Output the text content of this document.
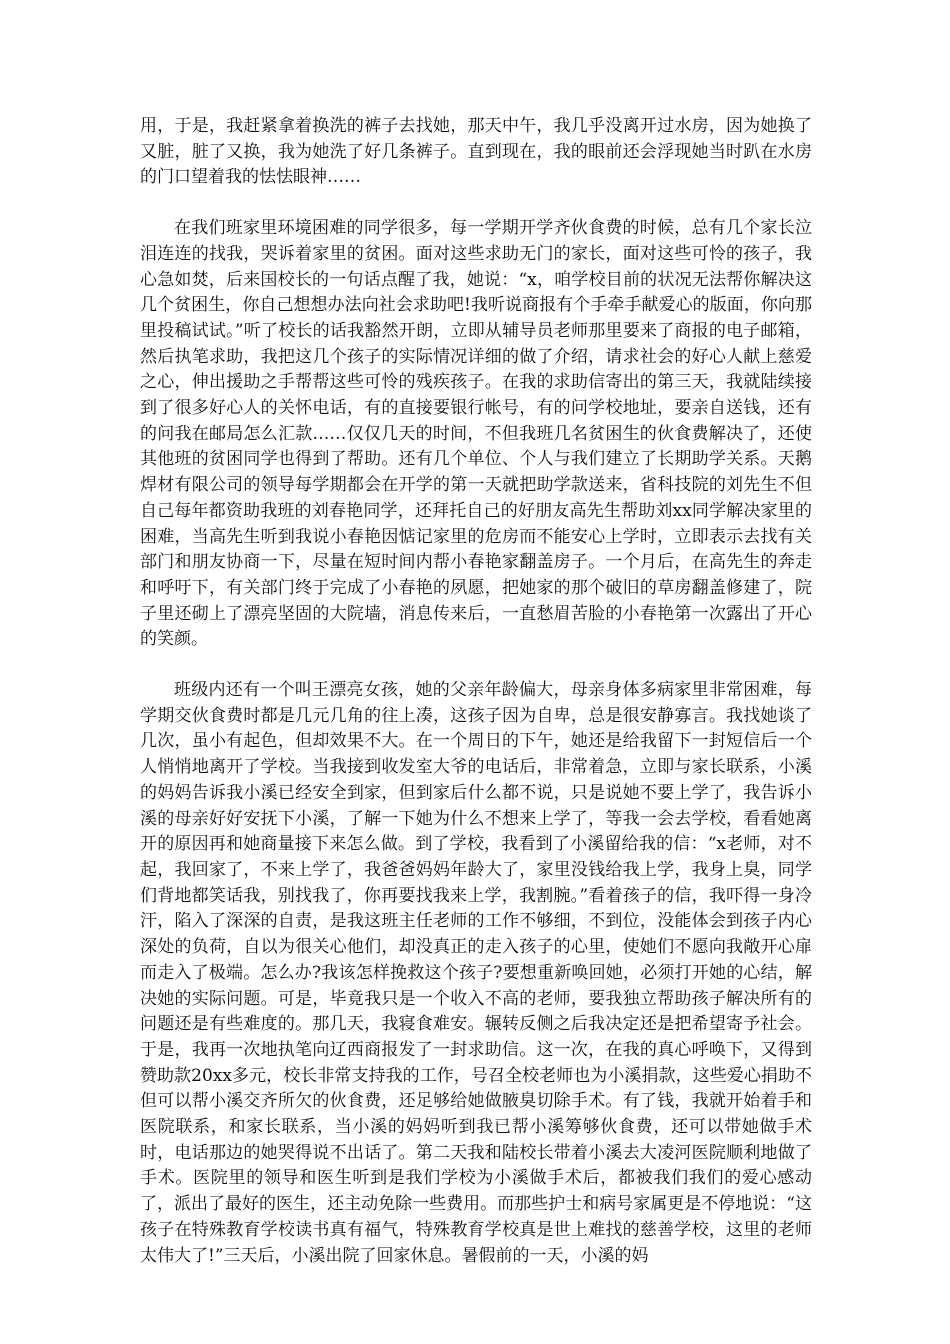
用，于是，我赶紧拿着换洗的裤子去找她，那天中午，我几乎没离开过水房，因为她换了又脏，脏了又换，我为她洗了好几条裤子。直到现在，我的眼前还会浮现她当时趴在水房的门口望着我的怯怯眼神……

在我们班家里环境困难的同学很多，每一学期开学齐伙食费的时候，总有几个家长泣泪连连的找我，哭诉着家里的贫困。面对这些求助无门的家长，面对这些可怜的孩子，我心急如焚，后来国校长的一句话点醒了我，她说：“x，咱学校目前的状况无法帮你解决这几个贫困生，你自己想想办法向社会求助吧!我听说商报有个手牵手献爱心的版面，你向那里投稿试试。”听了校长的话我豁然开朗，立即从辅导员老师那里要来了商报的电子邮箱，然后执笔求助，我把这几个孩子的实际情况详细的做了介绍，请求社会的好心人献上慈爱之心，伸出援助之手帮帮这些可怜的残疾孩子。在我的求助信寄出的第三天，我就陆续接到了很多好心人的关怀电话，有的直接要银行帐号，有的问学校地址，要亲自送钱，还有的问我在邮局怎么汇款……仅仅几天的时间，不但我班几名贫困生的伙食费解决了，还使其他班的贫困同学也得到了帮助。还有几个单位、个人与我们建立了长期助学关系。天鹅焊材有限公司的领导每学期都会在开学的第一天就把助学款送来，省科技院的刘先生不但自己每年都资助我班的刘春艳同学，还拜托自己的好朋友高先生帮助刘xx同学解决家里的困难，当高先生听到我说小春艳因惦记家里的危房而不能安心上学时，立即表示去找有关部门和朋友协商一下，尽量在短时间内帮小春艳家翻盖房子。一个月后，在高先生的奔走和呼吁下，有关部门终于完成了小春艳的夙愿，把她家的那个破旧的草房翻盖修建了，院子里还砌上了漂亮坚固的大院墙，消息传来后，一直愁眉苦脸的小春艳第一次露出了开心的笑颜。

班级内还有一个叫王漂亮女孩，她的父亲年龄偏大，母亲身体多病家里非常困难，每学期交伙食费时都是几元几角的往上凑，这孩子因为自卑，总是很安静寡言。我找她谈了几次，虽小有起色，但却效果不大。在一个周日的下午，她还是给我留下一封短信后一个人悄悄地离开了学校。当我接到收发室大爷的电话后，非常着急，立即与家长联系，小溪的妈妈告诉我小溪已经安全到家，但到家后什么都不说，只是说她不要上学了，我告诉小溪的母亲好好安抚下小溪，了解一下她为什么不想来上学了，等我一会去学校，看看她离开的原因再和她商量接下来怎么做。到了学校，我看到了小溪留给我的信：“x老师，对不起，我回家了，不来上学了，我爸爸妈妈年龄大了，家里没钱给我上学，我身上臭，同学们背地都笑话我，别找我了，你再要找我来上学，我割腕。”看着孩子的信，我吓得一身冷汗，陷入了深深的自责，是我这班主任老师的工作不够细，不到位，没能体会到孩子内心深处的负荷，自以为很关心他们，却没真正的走入孩子的心里，使她们不愿向我敞开心扉而走入了极端。怎么办?我该怎样挽救这个孩子?要想重新唤回她，必须打开她的心结，解决她的实际问题。可是，毕竟我只是一个收入不高的老师，要我独立帮助孩子解决所有的问题还是有些难度的。那几天，我寝食难安。辗转反侧之后我决定还是把希望寄予社会。于是，我再一次地执笔向辽西商报发了一封求助信。这一次，在我的真心呼唤下，又得到赞助款20xx多元，校长非常支持我的工作，号召全校老师也为小溪捐款，这些爱心捐助不但可以帮小溪交齐所欠的伙食费，还足够给她做腋臭切除手术。有了钱，我就开始着手和医院联系，和家长联系，当小溪的妈妈听到我已帮小溪筹够伙食费，还可以带她做手术时，电话那边的她哭得说不出话了。第二天我和陆校长带着小溪去大凌河医院顺利地做了手术。医院里的领导和医生听到是我们学校为小溪做手术后，都被我们我们的爱心感动了，派出了最好的医生，还主动免除一些费用。而那些护士和病号家属更是不停地说：“这孩子在特殊教育学校读书真有福气，特殊教育学校真是世上难找的慈善学校，这里的老师太伟大了!”三天后，小溪出院了回家休息。暑假前的一天，小溪的妈
